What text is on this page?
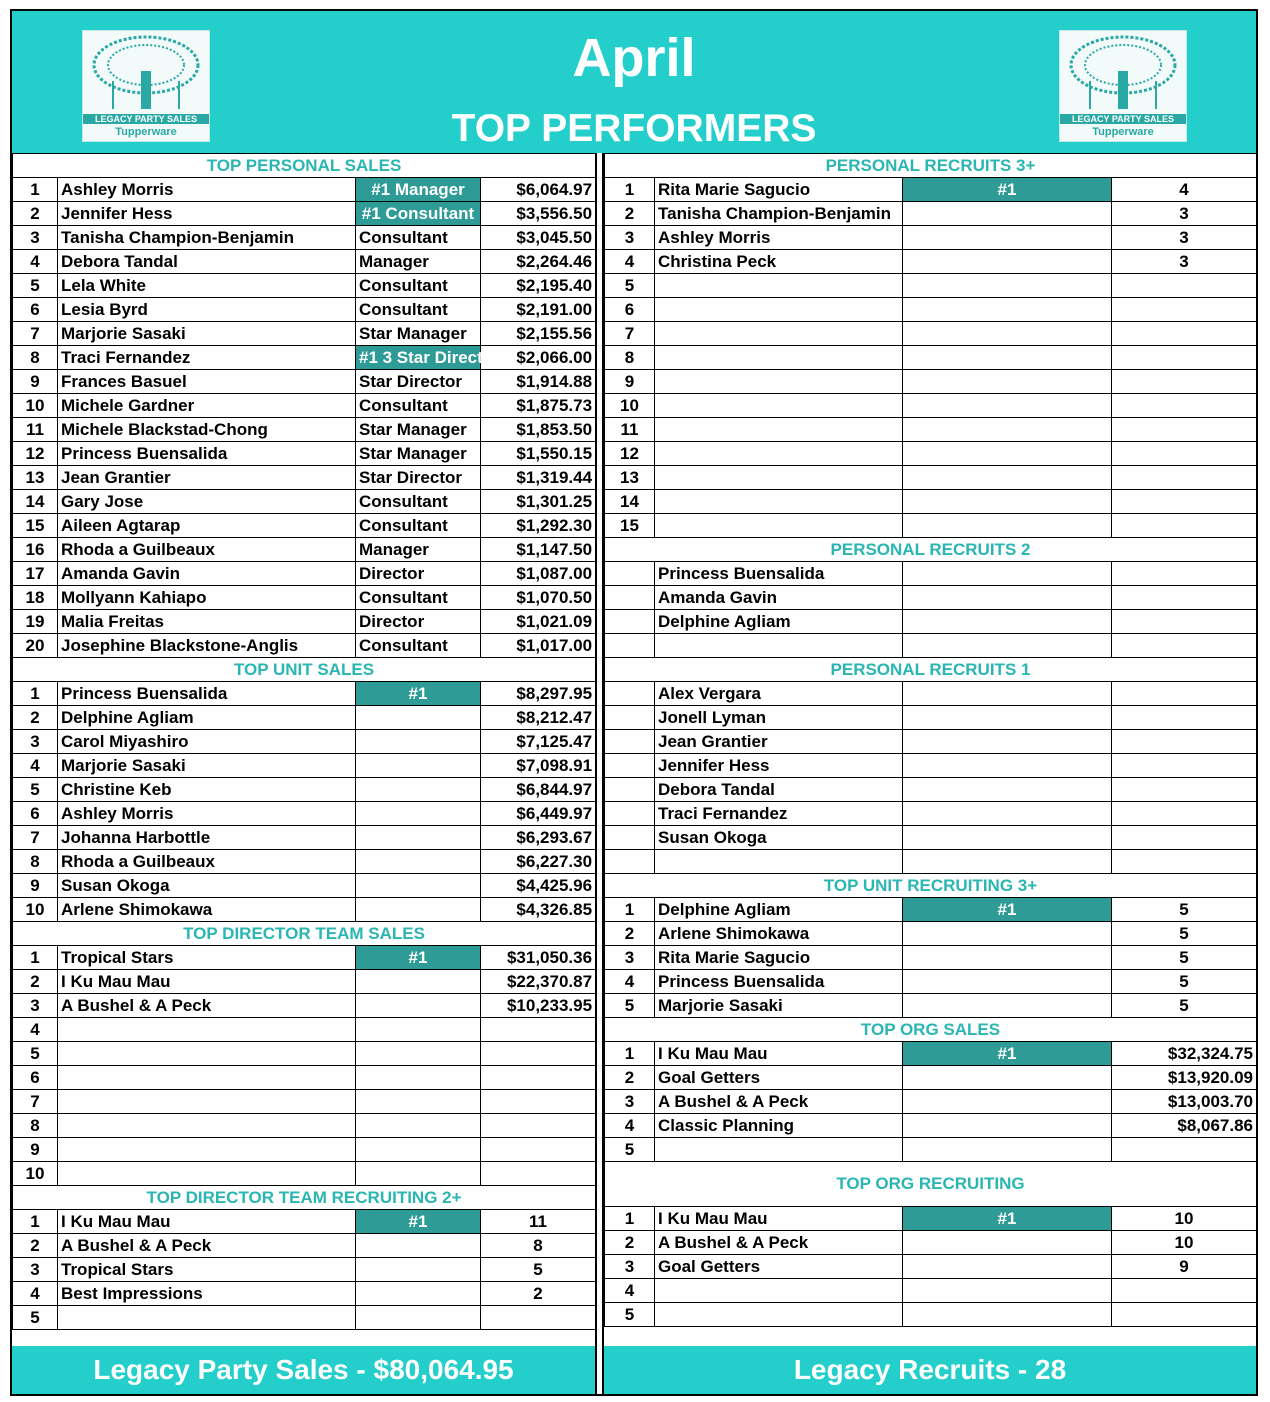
LEGACY PARTY SALES
Tupperware
April
TOP PERFORMERS	LEGACY PARTY SALES
Tupperware
TOP PERSONAL SALES			
1	Ashley Morris	#1 Manager	$6,064.97
2	Jennifer Hess	#1 Consultant	$3,556.50
3	Tanisha Champion-Benjamin	Consultant	$3,045.50
4	Debora Tandal	Manager	$2,264.46
5	Lela White	Consultant	$2,195.40
6	Lesia Byrd	Consultant	$2,191.00
7	Marjorie Sasaki	Star Manager	$2,155.56
8	Traci Fernandez	#1 3 Star Director	$2,066.00
9	Frances Basuel	Star Director	$1,914.88
10	Michele Gardner	Consultant	$1,875.73
11	Michele Blackstad-Chong	Star Manager	$1,853.50
12	Princess Buensalida	Star Manager	$1,550.15
13	Jean Grantier	Star Director	$1,319.44
14	Gary Jose	Consultant	$1,301.25
15	Aileen Agtarap	Consultant	$1,292.30
16	Rhoda a Guilbeaux	Manager	$1,147.50
17	Amanda Gavin	Director	$1,087.00
18	Mollyann Kahiapo	Consultant	$1,070.50
19	Malia Freitas	Director	$1,021.09
20	Josephine Blackstone-Anglis	Consultant	$1,017.00
TOP UNIT SALES			
1	Princess Buensalida	#1	$8,297.95
2	Delphine Agliam		$8,212.47
3	Carol Miyashiro		$7,125.47
4	Marjorie Sasaki		$7,098.91
5	Christine Keb		$6,844.97
6	Ashley Morris		$6,449.97
7	Johanna Harbottle		$6,293.67
8	Rhoda a Guilbeaux		$6,227.30
9	Susan Okoga		$4,425.96
10	Arlene Shimokawa		$4,326.85
TOP DIRECTOR TEAM SALES			
1	Tropical Stars	#1	$31,050.36
2	I Ku Mau Mau		$22,370.87
3	A Bushel & A Peck		$10,233.95
4			
5			
6			
7			
8			
9			
10			
TOP DIRECTOR TEAM RECRUITING 2+			
1	I Ku Mau Mau	#1	11
2	A Bushel & A Peck		8
3	Tropical Stars		5
4	Best Impressions		2
5			
PERSONAL RECRUITS 3+			
1	Rita Marie Sagucio	#1	4
2	Tanisha Champion-Benjamin		3
3	Ashley Morris		3
4	Christina Peck		3
5			
6			
7			
8			
9			
10			
11			
12			
13			
14			
15			
PERSONAL RECRUITS 2			
	Princess Buensalida		
	Amanda Gavin		
	Delphine Agliam		

PERSONAL RECRUITS 1			
	Alex Vergara		
	Jonell Lyman		
	Jean Grantier		
	Jennifer Hess		
	Debora Tandal		
	Traci Fernandez		
	Susan Okoga		

TOP UNIT RECRUITING 3+			
1	Delphine Agliam	#1	5
2	Arlene Shimokawa		5
3	Rita Marie Sagucio		5
4	Princess Buensalida		5
5	Marjorie Sasaki		5
TOP ORG SALES			
1	I Ku Mau Mau	#1	$32,324.75
2	Goal Getters		$13,920.09
3	A Bushel & A Peck		$13,003.70
4	Classic Planning		$8,067.86
5			
TOP ORG RECRUITING			
1	I Ku Mau Mau	#1	10
2	A Bushel & A Peck		10
3	Goal Getters		9
4			
5			
Legacy Party Sales - $80,064.95	Legacy Recruits - 28
